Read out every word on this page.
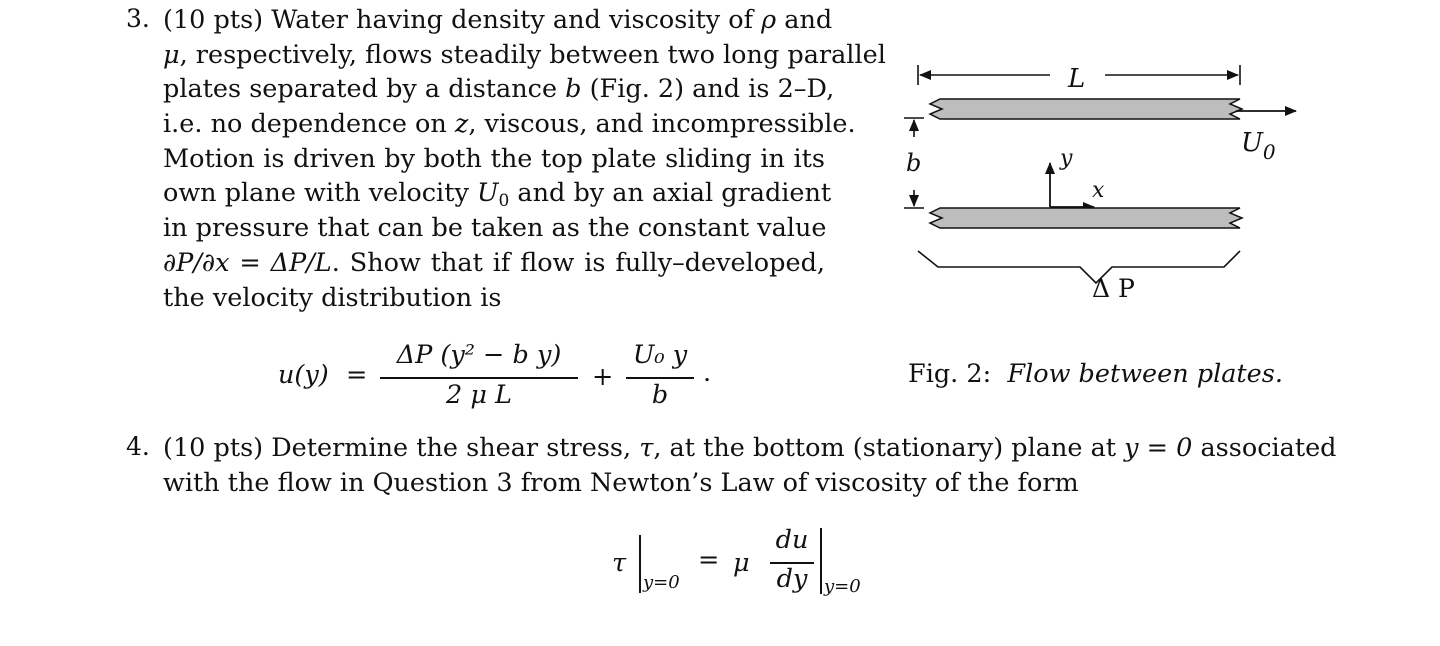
3. (10 pts) Water having density and viscosity of ρ and
μ, respectively, flows steadily between two long parallel
plates separated by a distance b (Fig. 2) and is 2–D,
i.e. no dependence on z, viscous, and incompressible.
Motion is driven by both the top plate sliding in its
own plane with velocity $U_0$ and by an axial gradient
in pressure that can be taken as the constant value
∂P/∂x = ΔP/L. Show that if flow is fully–developed,
the velocity distribution is
u(y) =
ΔP (y² − b y)
2 μ L
+
U₀ y
b
.
L
$U_0$
b	y
x
Δ P
Fig. 2: Flow between plates.
4. (10 pts) Determine the shear stress, τ, at the bottom (stationary) plane at y = 0 associated
with the flow in Question 3 from Newton’s Law of viscosity of the form
τ
y=0
= μ
du
dy y=0
